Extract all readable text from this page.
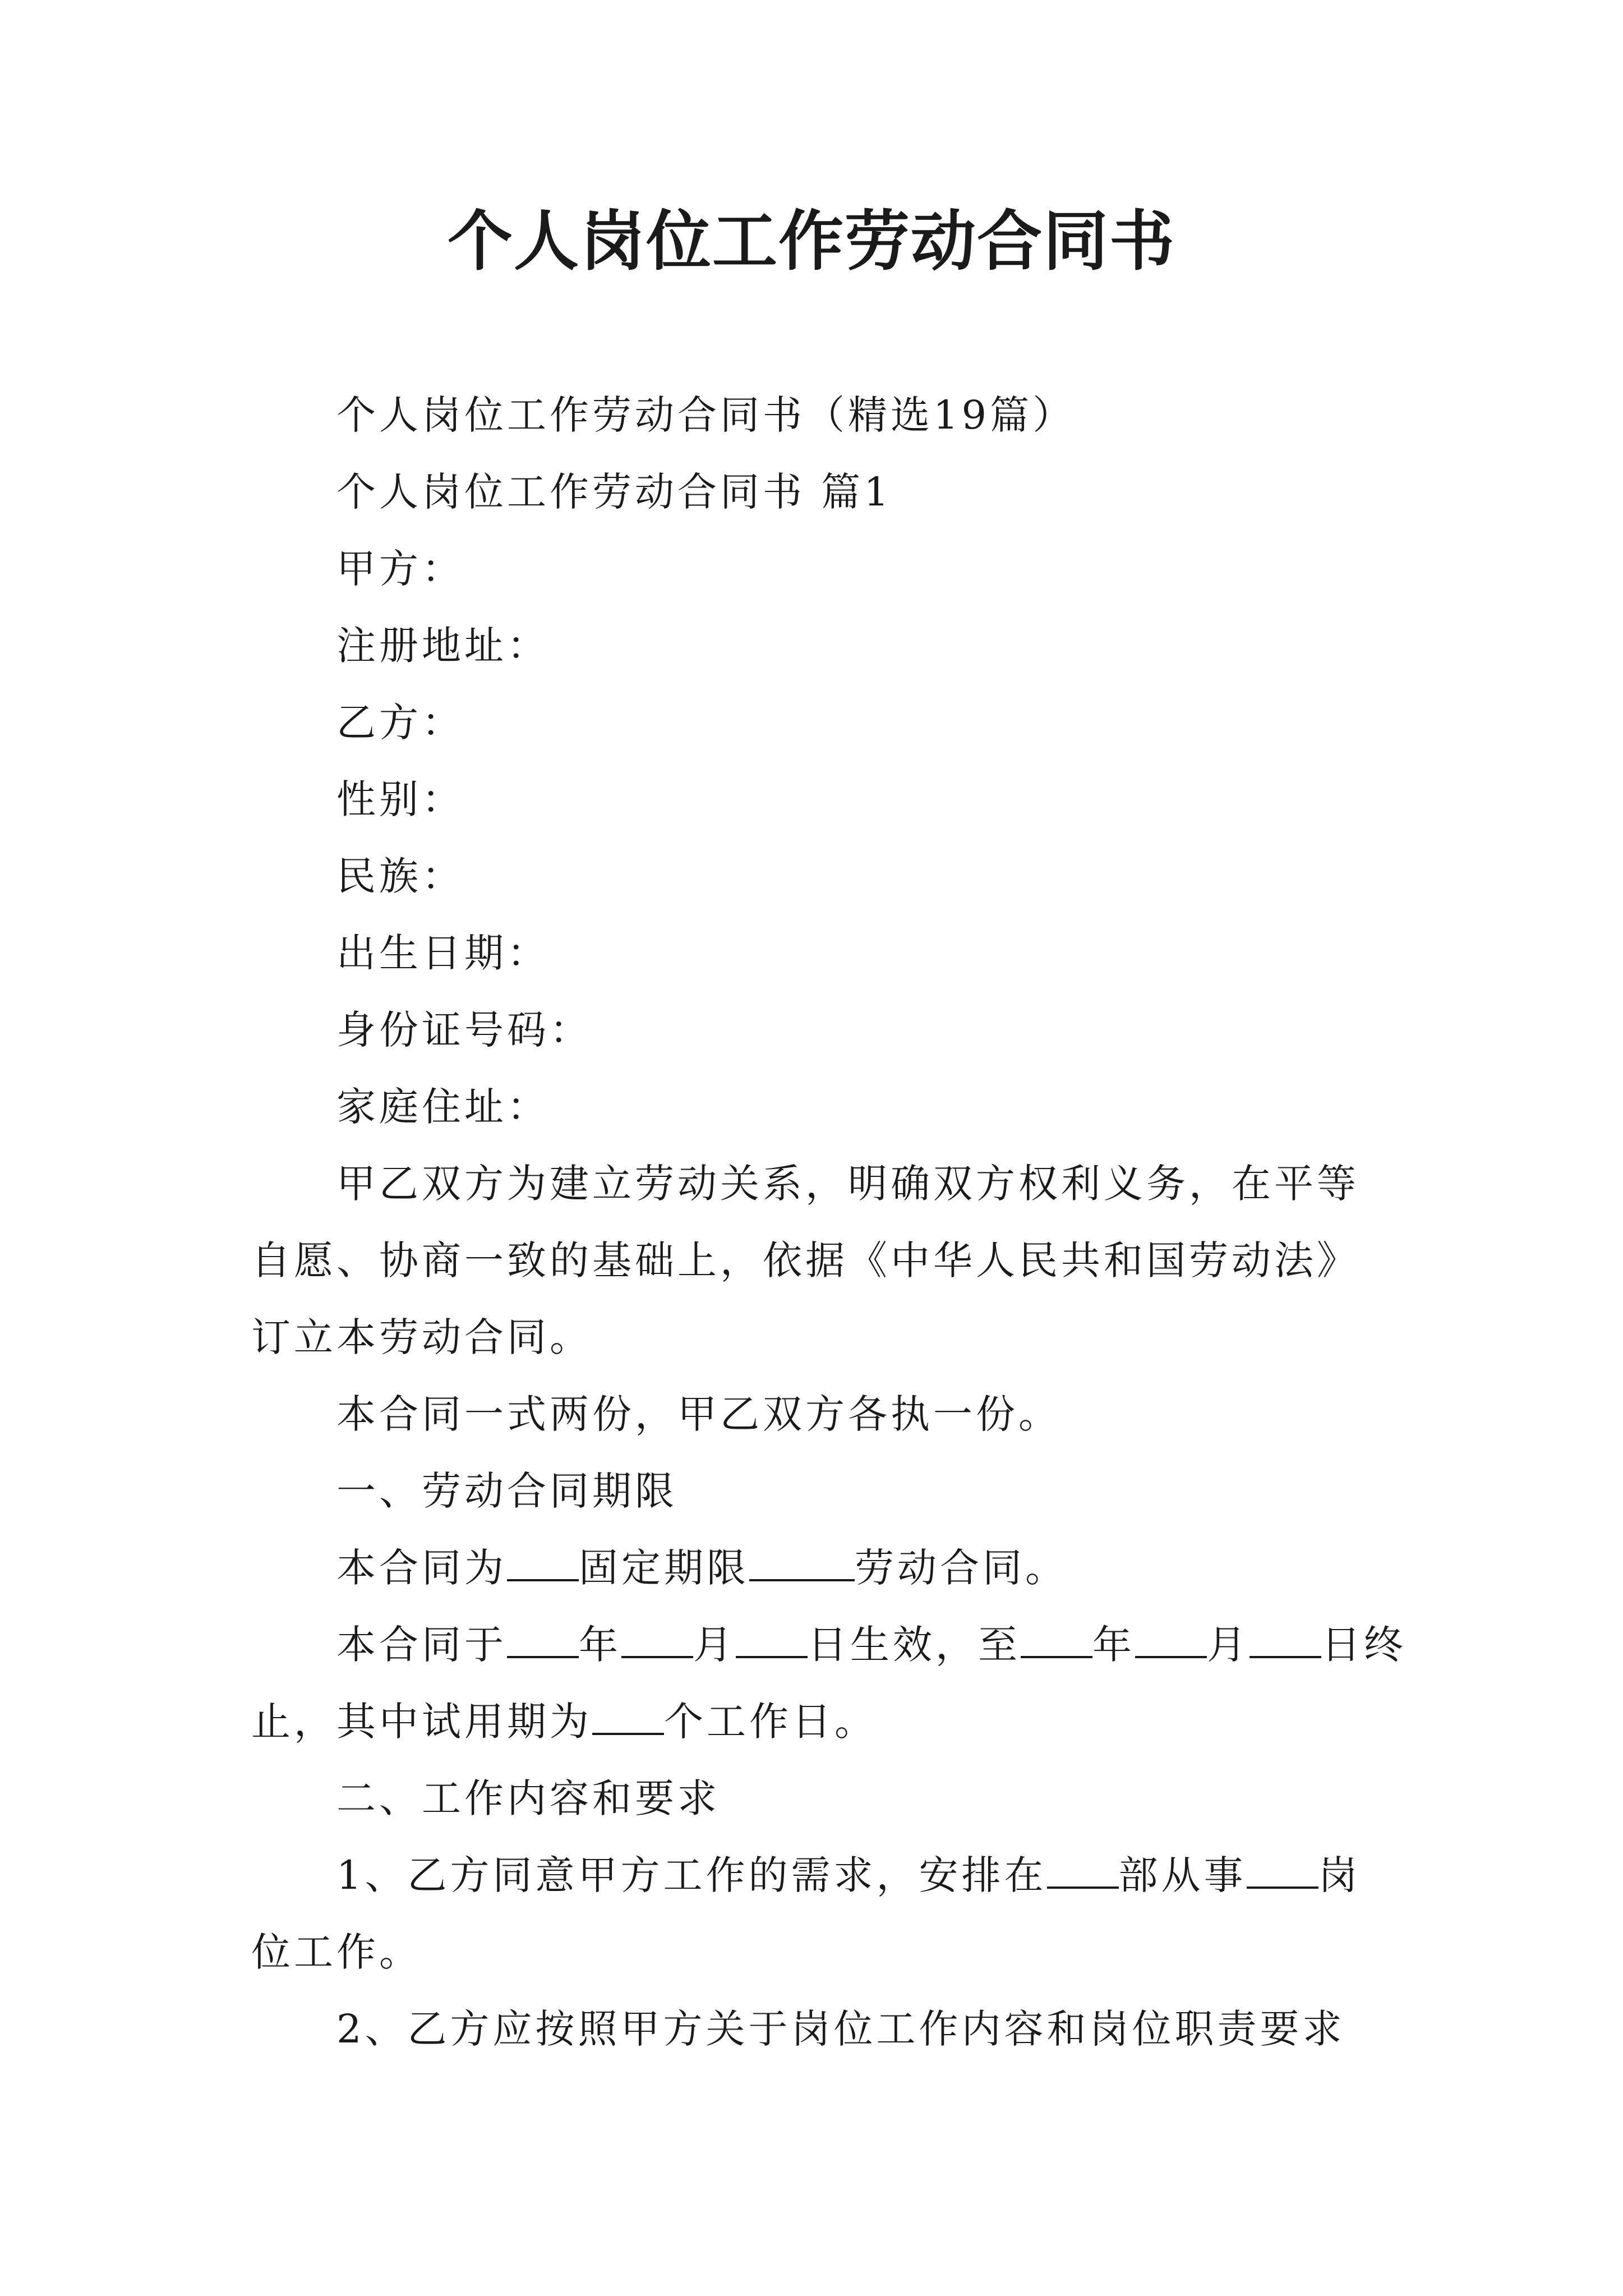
个人岗位工作劳动合同书

个人岗位工作劳动合同书（精选19篇）

个人岗位工作劳动合同书 篇1

甲方：

注册地址：

乙方：

性别：

民族：

出生日期：

身份证号码：

家庭住址：

甲乙双方为建立劳动关系，明确双方权利义务，在平等自愿、协商一致的基础上，依据《中华人民共和国劳动法》订立本劳动合同。

本合同一式两份，甲乙双方各执一份。

一、劳动合同期限

本合同为 固定期限	劳动合同。

本合同于 年 月 日生效，至 年 月 日终

止，其中试用期为 个工作日。

二、工作内容和要求

1、乙方同意甲方工作的需求，安排在 部从事 岗

位工作。

2、乙方应按照甲方关于岗位工作内容和岗位职责要求
